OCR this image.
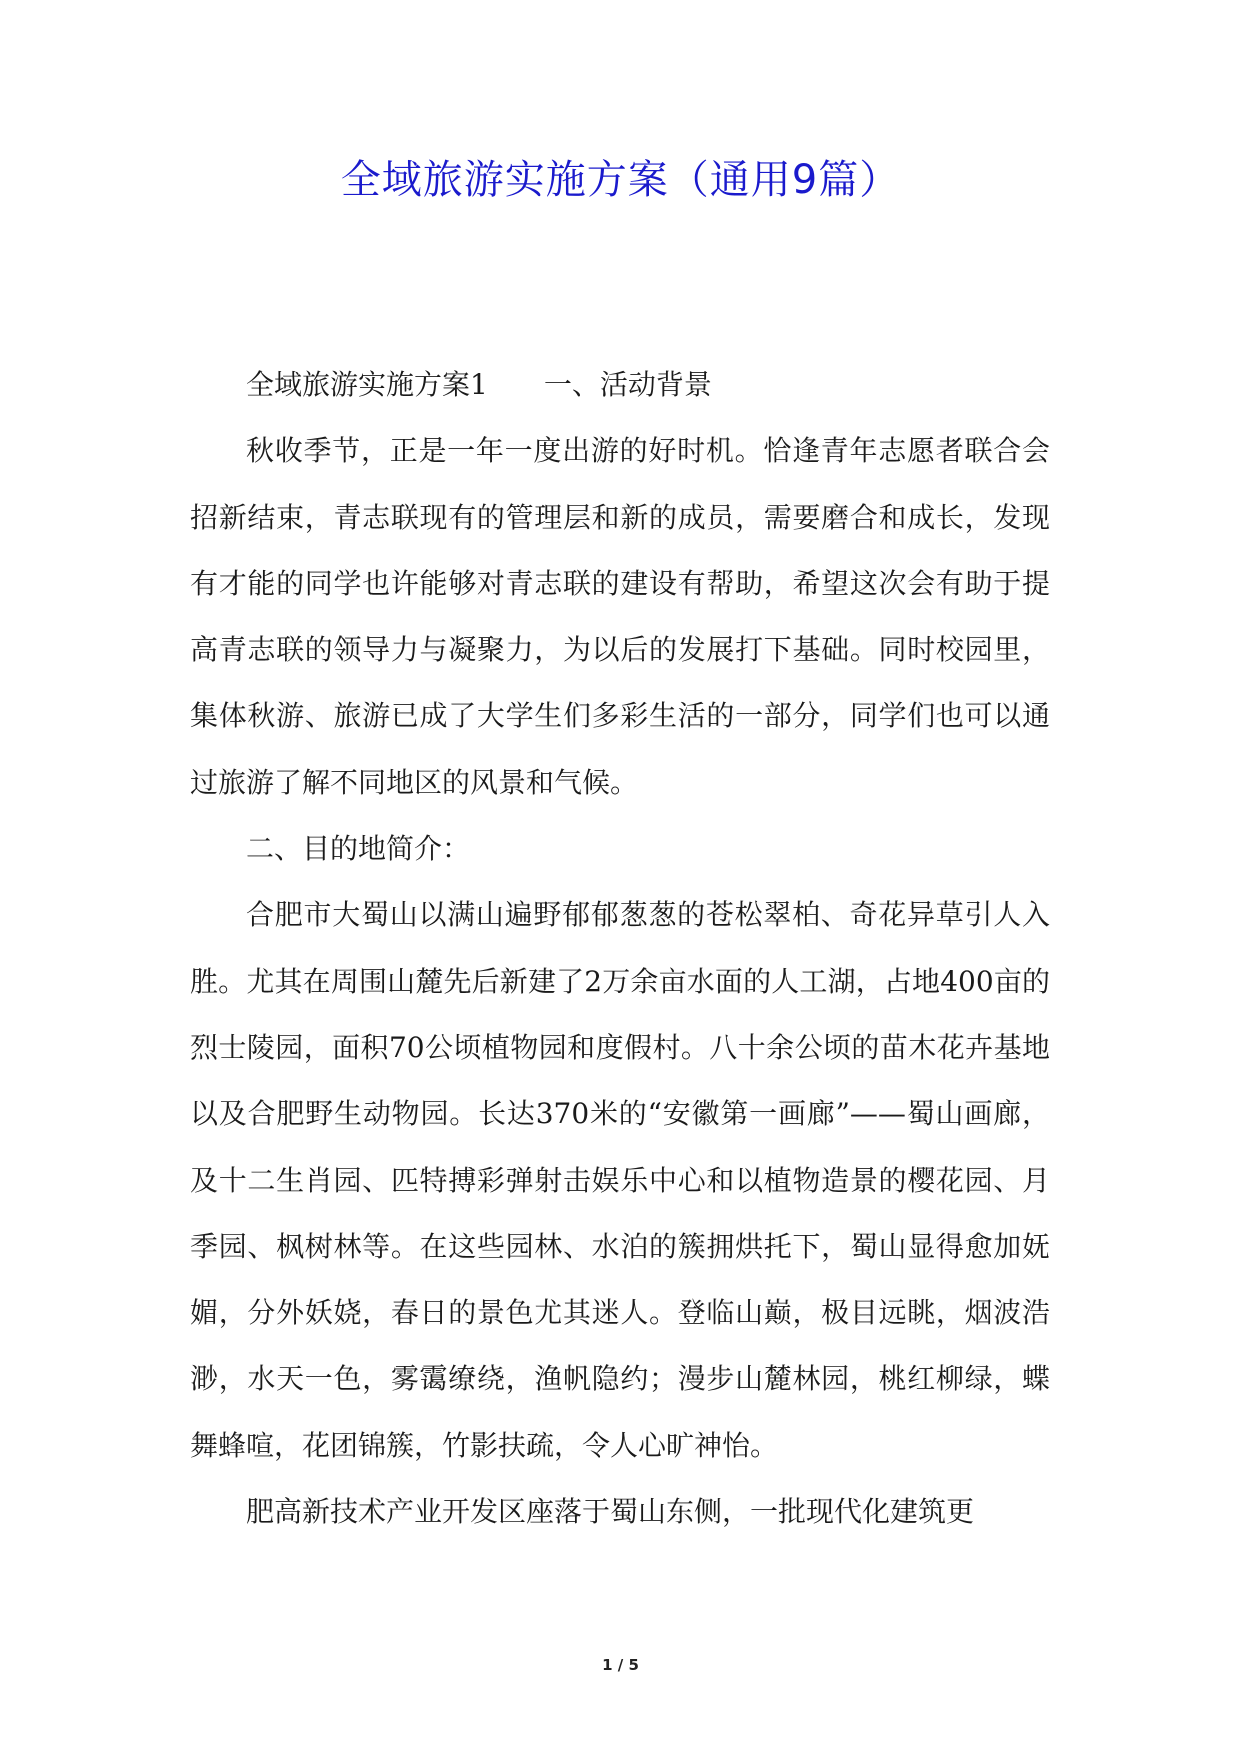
全域旅游实施方案（通用9篇）

全域旅游实施方案1　　一、活动背景

秋收季节，正是一年一度出游的好时机。恰逢青年志愿者联合会招新结束，青志联现有的管理层和新的成员，需要磨合和成长，发现有才能的同学也许能够对青志联的建设有帮助，希望这次会有助于提高青志联的领导力与凝聚力，为以后的发展打下基础。同时校园里，集体秋游、旅游已成了大学生们多彩生活的一部分，同学们也可以通过旅游了解不同地区的风景和气候。

二、目的地简介：

合肥市大蜀山以满山遍野郁郁葱葱的苍松翠柏、奇花异草引人入胜。尤其在周围山麓先后新建了2万余亩水面的人工湖，占地400亩的烈士陵园，面积70公顷植物园和度假村。八十余公顷的苗木花卉基地以及合肥野生动物园。长达370米的“安徽第一画廊”——蜀山画廊，及十二生肖园、匹特搏彩弹射击娱乐中心和以植物造景的樱花园、月季园、枫树林等。在这些园林、水泊的簇拥烘托下，蜀山显得愈加妩媚，分外妖娆，春日的景色尤其迷人。登临山巅，极目远眺，烟波浩渺，水天一色，雾霭缭绕，渔帆隐约；漫步山麓林园，桃红柳绿，蝶舞蜂喧，花团锦簇，竹影扶疏，令人心旷神怡。

肥高新技术产业开发区座落于蜀山东侧，一批现代化建筑更

1 / 5
